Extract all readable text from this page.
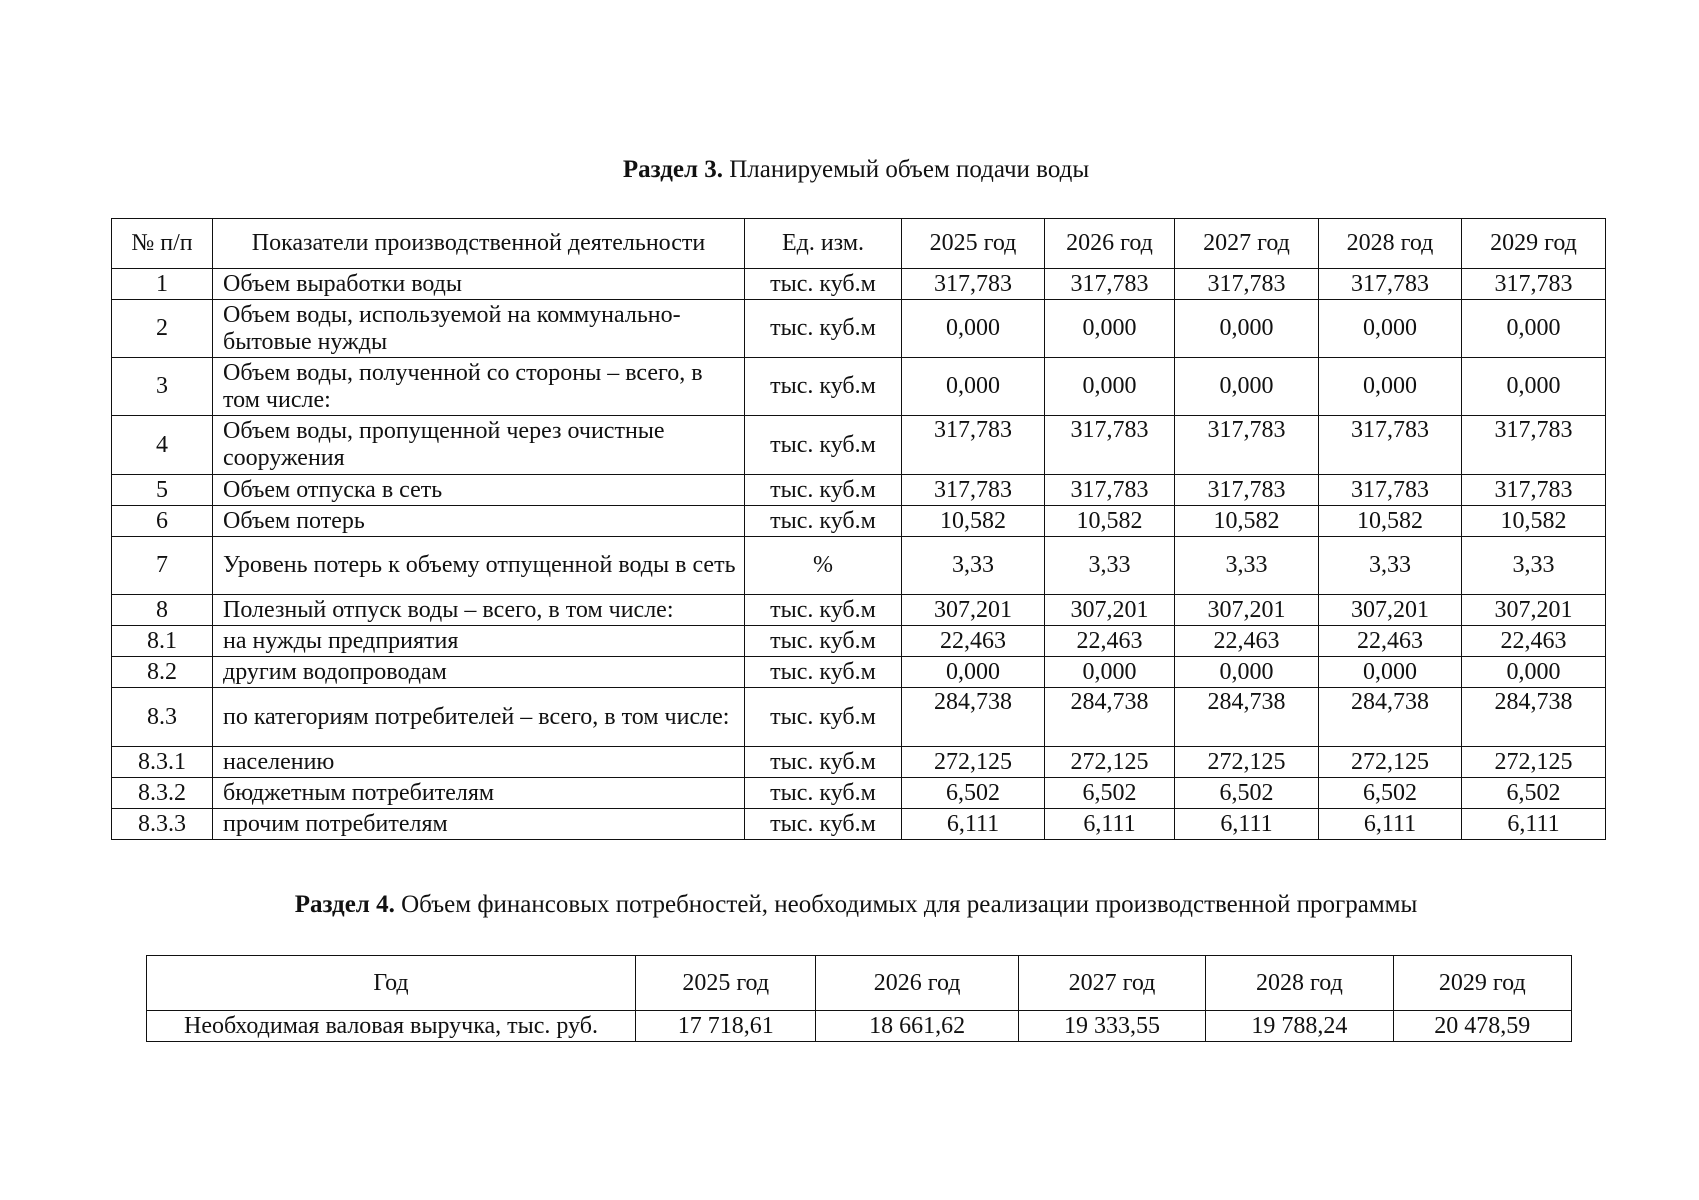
Раздел 3. Планируемый объем подачи воды
№ п/п	Показатели производственной деятельности	Ед. изм.	2025 год	2026 год	2027 год	2028 год	2029 год
1	Объем выработки воды	тыс. куб.м	317,783	317,783	317,783	317,783	317,783
2	Объем воды, используемой на коммунально-бытовые нужды	тыс. куб.м	0,000	0,000	0,000	0,000	0,000
3	Объем воды, полученной со стороны – всего, в том числе:	тыс. куб.м	0,000	0,000	0,000	0,000	0,000
4	Объем воды, пропущенной через очистные сооружения	тыс. куб.м	317,783	317,783	317,783	317,783	317,783
5	Объем отпуска в сеть	тыс. куб.м	317,783	317,783	317,783	317,783	317,783
6	Объем потерь	тыс. куб.м	10,582	10,582	10,582	10,582	10,582
7	Уровень потерь к объему отпущенной воды в сеть	%	3,33	3,33	3,33	3,33	3,33
8	Полезный отпуск воды – всего, в том числе:	тыс. куб.м	307,201	307,201	307,201	307,201	307,201
8.1	на нужды предприятия	тыс. куб.м	22,463	22,463	22,463	22,463	22,463
8.2	другим водопроводам	тыс. куб.м	0,000	0,000	0,000	0,000	0,000
8.3	по категориям потребителей – всего, в том числе:	тыс. куб.м	284,738	284,738	284,738	284,738	284,738
8.3.1	населению	тыс. куб.м	272,125	272,125	272,125	272,125	272,125
8.3.2	бюджетным потребителям	тыс. куб.м	6,502	6,502	6,502	6,502	6,502
8.3.3	прочим потребителям	тыс. куб.м	6,111	6,111	6,111	6,111	6,111
Раздел 4. Объем финансовых потребностей, необходимых для реализации производственной программы
Год	2025 год	2026 год	2027 год	2028 год	2029 год
Необходимая валовая выручка, тыс. руб.	17 718,61	18 661,62	19 333,55	19 788,24	20 478,59
